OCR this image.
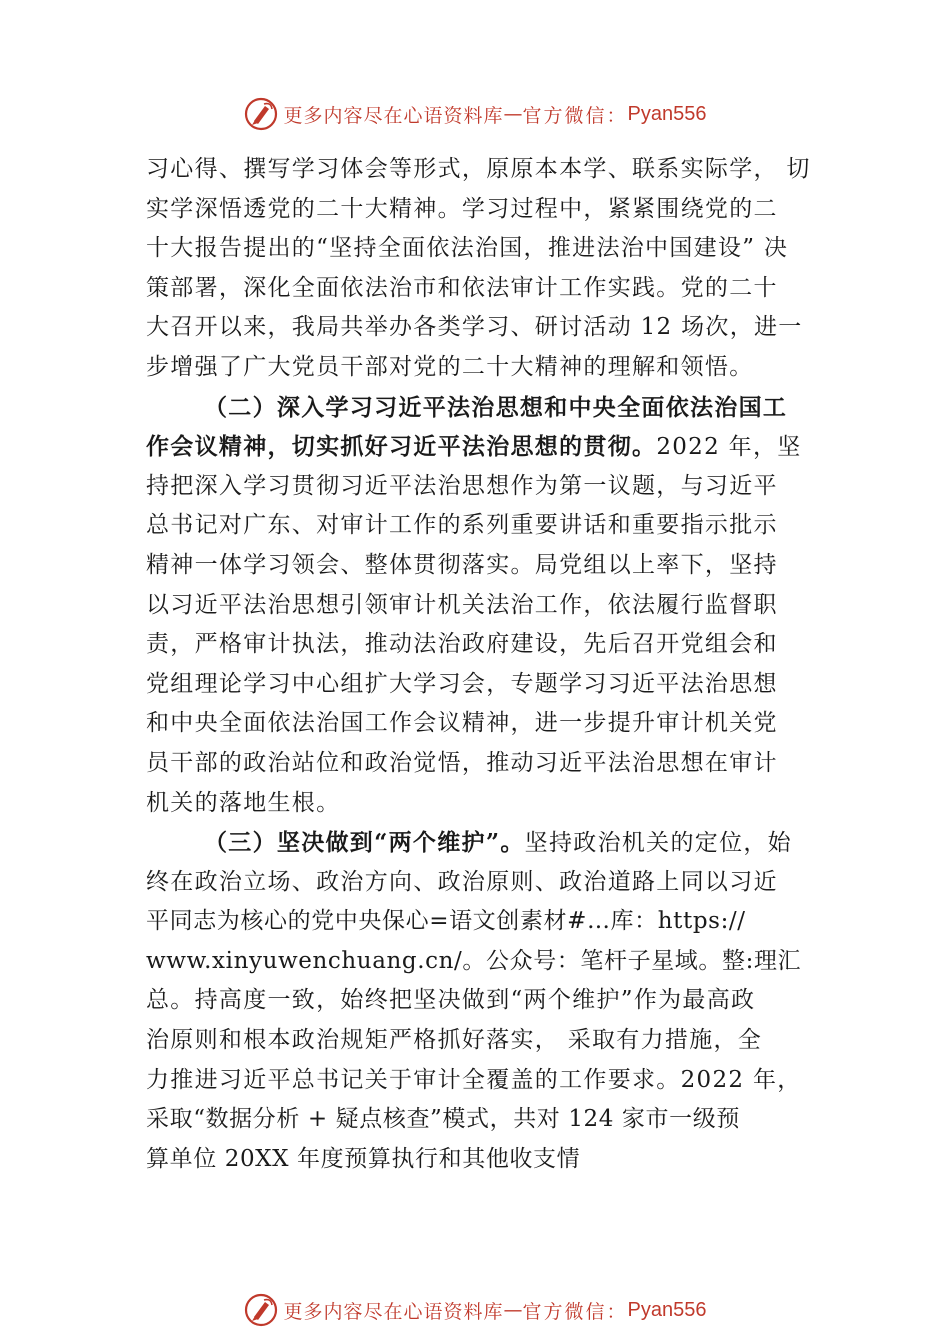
更多内容尽在心语资料库 — 官方微信： Pyan556
习心得、撰写学习体会等形式，原原本本学、联系实际学， 切
实学深悟透党的二十大精神。学习过程中，紧紧围绕党的二
十大报告提出的“坚持全面依法治国，推进法治中国建设” 决
策部署，深化全面依法治市和依法审计工作实践。党的二十
大召开以来，我局共举办各类学习、研讨活动 12 场次，进一
步增强了广大党员干部对党的二十大精神的理解和领悟。
（二）深入学习习近平法治思想和中央全面依法治国工
作会议精神，切实抓好习近平法治思想的贯彻。2022 年，坚
持把深入学习贯彻习近平法治思想作为第一议题，与习近平
总书记对广东、对审计工作的系列重要讲话和重要指示批示
精神一体学习领会、整体贯彻落实。局党组以上率下，坚持
以习近平法治思想引领审计机关法治工作，依法履行监督职
责，严格审计执法，推动法治政府建设，先后召开党组会和
党组理论学习中心组扩大学习会，专题学习习近平法治思想
和中央全面依法治国工作会议精神，进一步提升审计机关党
员干部的政治站位和政治觉悟，推动习近平法治思想在审计
机关的落地生根。
（三）坚决做到“两个维护”。坚持政治机关的定位，始
终在政治立场、政治方向、政治原则、政治道路上同以习近
平同志为核心的党中央保心=语文创素材#…库：https://
www.xinyuwenchuang.cn/。公众号：笔杆子星域。整:理汇
总。持高度一致，始终把坚决做到“两个维护”作为最高政
治原则和根本政治规矩严格抓好落实， 采取有力措施，全
力推进习近平总书记关于审计全覆盖的工作要求。2022 年，
采取“数据分析 + 疑点核查”模式，共对 124 家市一级预
算单位 20XX 年度预算执行和其他收支情
更多内容尽在心语资料库 — 官方微信： Pyan556
